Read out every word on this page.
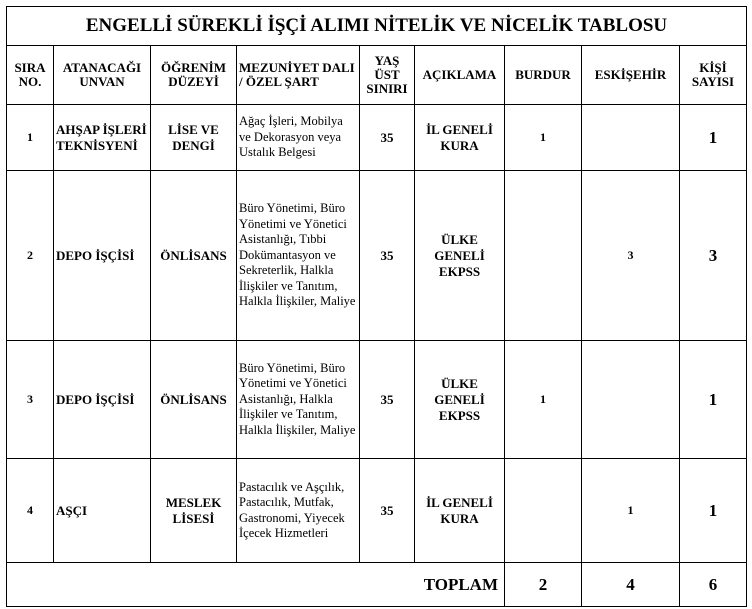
ENGELLİ SÜREKLİ İŞÇİ ALIMI NİTELİK VE NİCELİK TABLOSU								
SIRA NO.	ATANACAĞI UNVAN	ÖĞRENİM DÜZEYİ	MEZUNİYET DALI / ÖZEL ŞART	YAŞ ÜST SINIRI	AÇIKLAMA	BURDUR	ESKİŞEHİR	KİŞİ SAYISI
1	AHŞAP İŞLERİ TEKNİSYENİ	LİSE VE DENGİ	Ağaç İşleri, Mobilya ve Dekorasyon veya Ustalık Belgesi	35	İL GENELİ KURA	1		1
2	DEPO İŞÇİSİ	ÖNLİSANS	Büro Yönetimi, Büro Yönetimi ve Yönetici Asistanlığı, Tıbbi Dokümantasyon ve Sekreterlik, Halkla İlişkiler ve Tanıtım, Halkla İlişkiler, Maliye	35	ÜLKE GENELİ EKPSS		3	3
3	DEPO İŞÇİSİ	ÖNLİSANS	Büro Yönetimi, Büro Yönetimi ve Yönetici Asistanlığı, Halkla İlişkiler ve Tanıtım, Halkla İlişkiler, Maliye	35	ÜLKE GENELİ EKPSS	1		1
4	AŞÇI	MESLEK LİSESİ	Pastacılık ve Aşçılık, Pastacılık, Mutfak, Gastronomi, Yiyecek İçecek Hizmetleri	35	İL GENELİ KURA		1	1
TOPLAM						2	4	6
